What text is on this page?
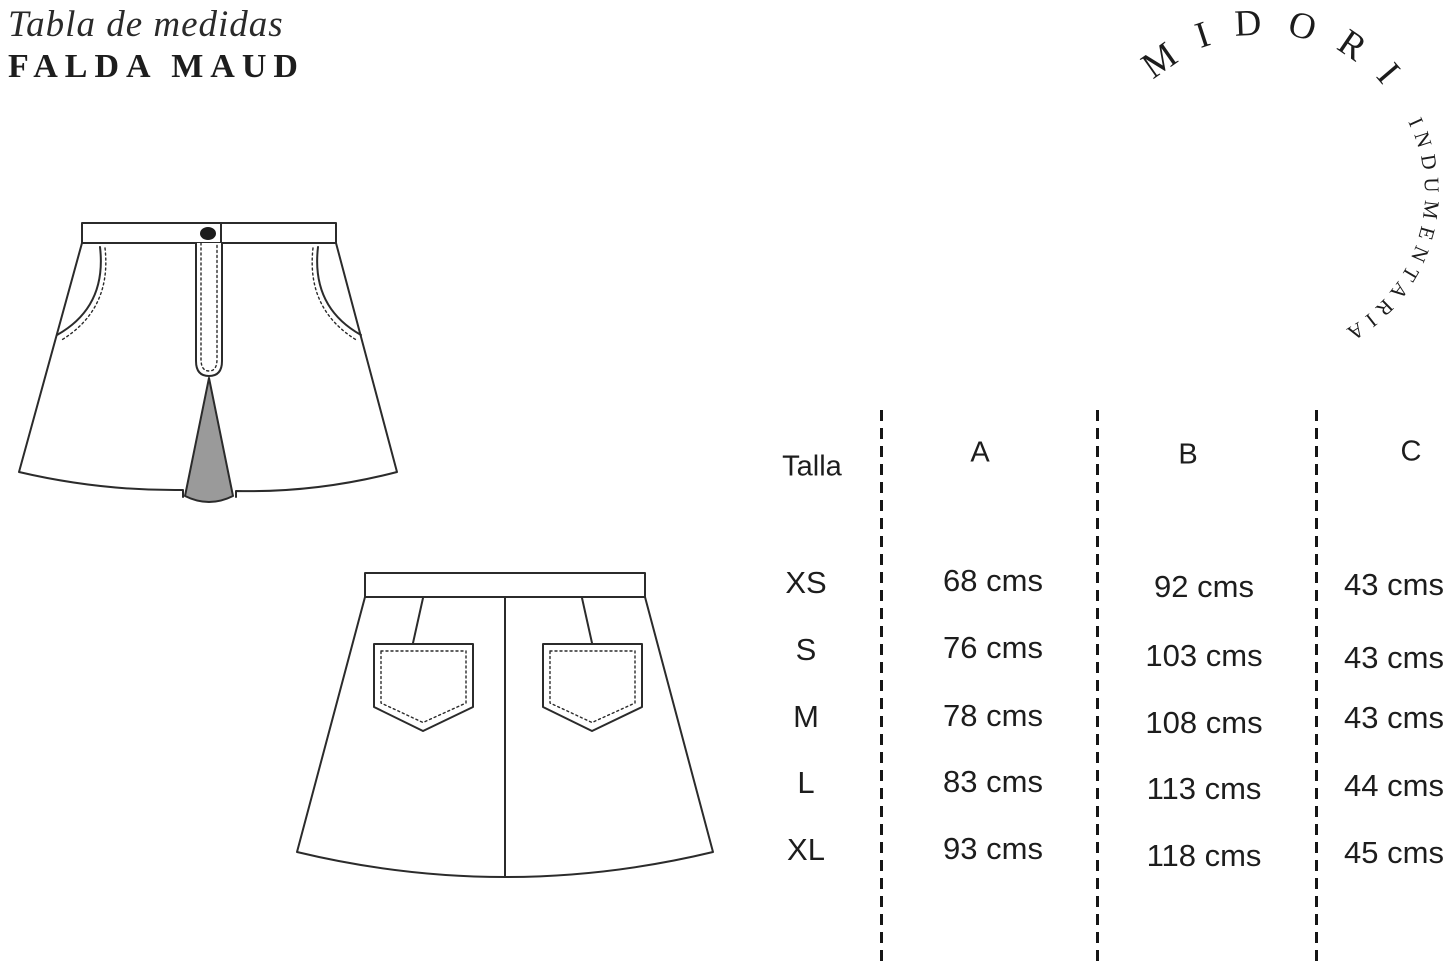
Tabla de medidas
FALDA MAUD	MIDORI INDUMENTARIA
Talla	A	B	C
XS	68 cms	92 cms	43 cms
S	76 cms	103 cms	43 cms
M	78 cms	108 cms	43 cms
L	83 cms	113 cms	44 cms
XL	93 cms	118 cms	45 cms
